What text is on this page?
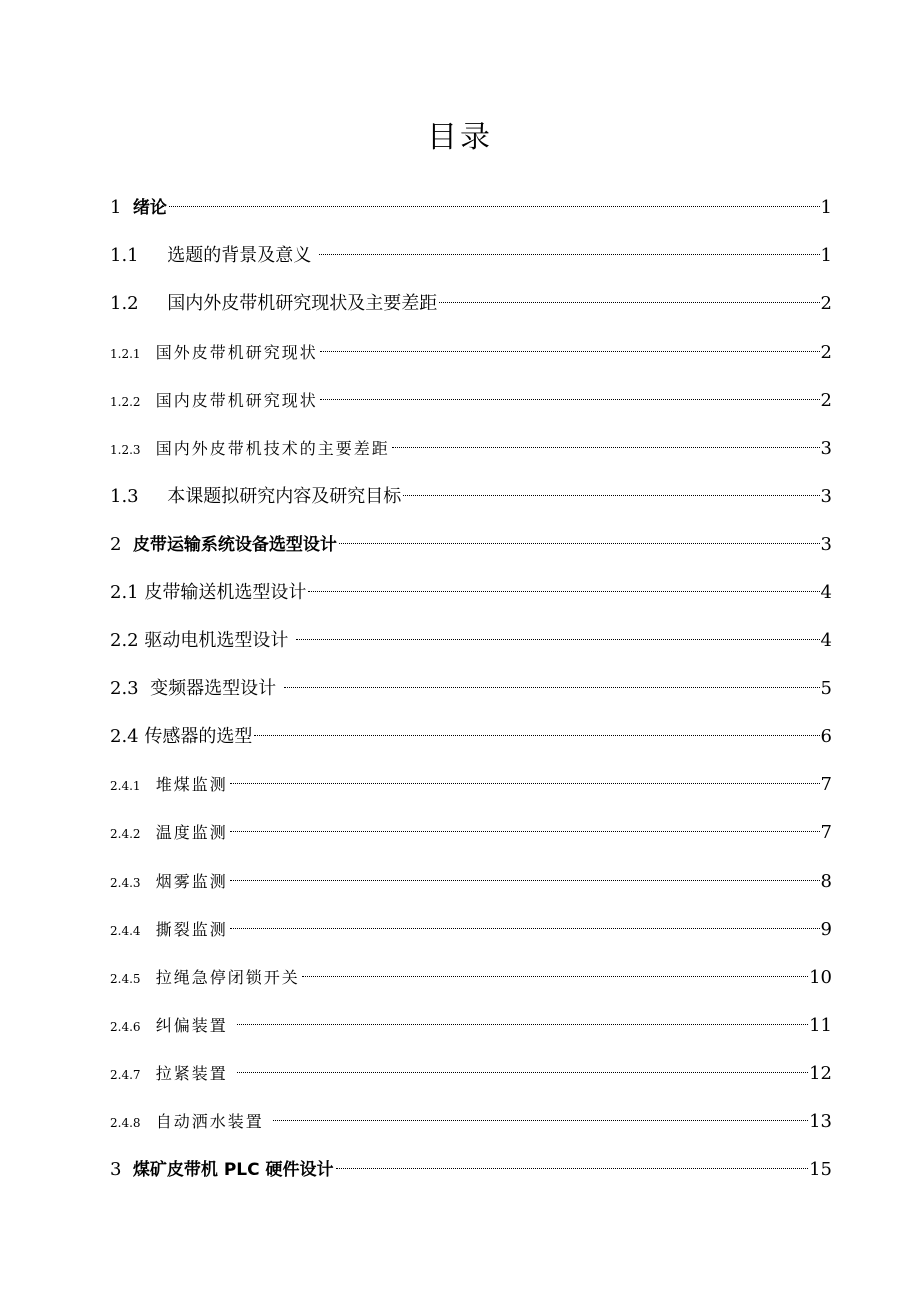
目录
1 绪论	1
1.1 选题的背景及意义	1
1.2 国内外皮带机研究现状及主要差距	2
1.2.1 国外皮带机研究现状	2
1.2.2 国内皮带机研究现状	2
1.2.3 国内外皮带机技术的主要差距	3
1.3 本课题拟研究内容及研究目标	3
2 皮带运输系统设备选型设计	3
2.1 皮带输送机选型设计	4
2.2 驱动电机选型设计	4
2.3 变频器选型设计	5
2.4 传感器的选型	6
2.4.1 堆煤监测	7
2.4.2 温度监测	7
2.4.3 烟雾监测	8
2.4.4 撕裂监测	9
2.4.5 拉绳急停闭锁开关	10
2.4.6 纠偏装置	11
2.4.7 拉紧装置	12
2.4.8 自动洒水装置	13
3 煤矿皮带机 PLC 硬件设计	15
